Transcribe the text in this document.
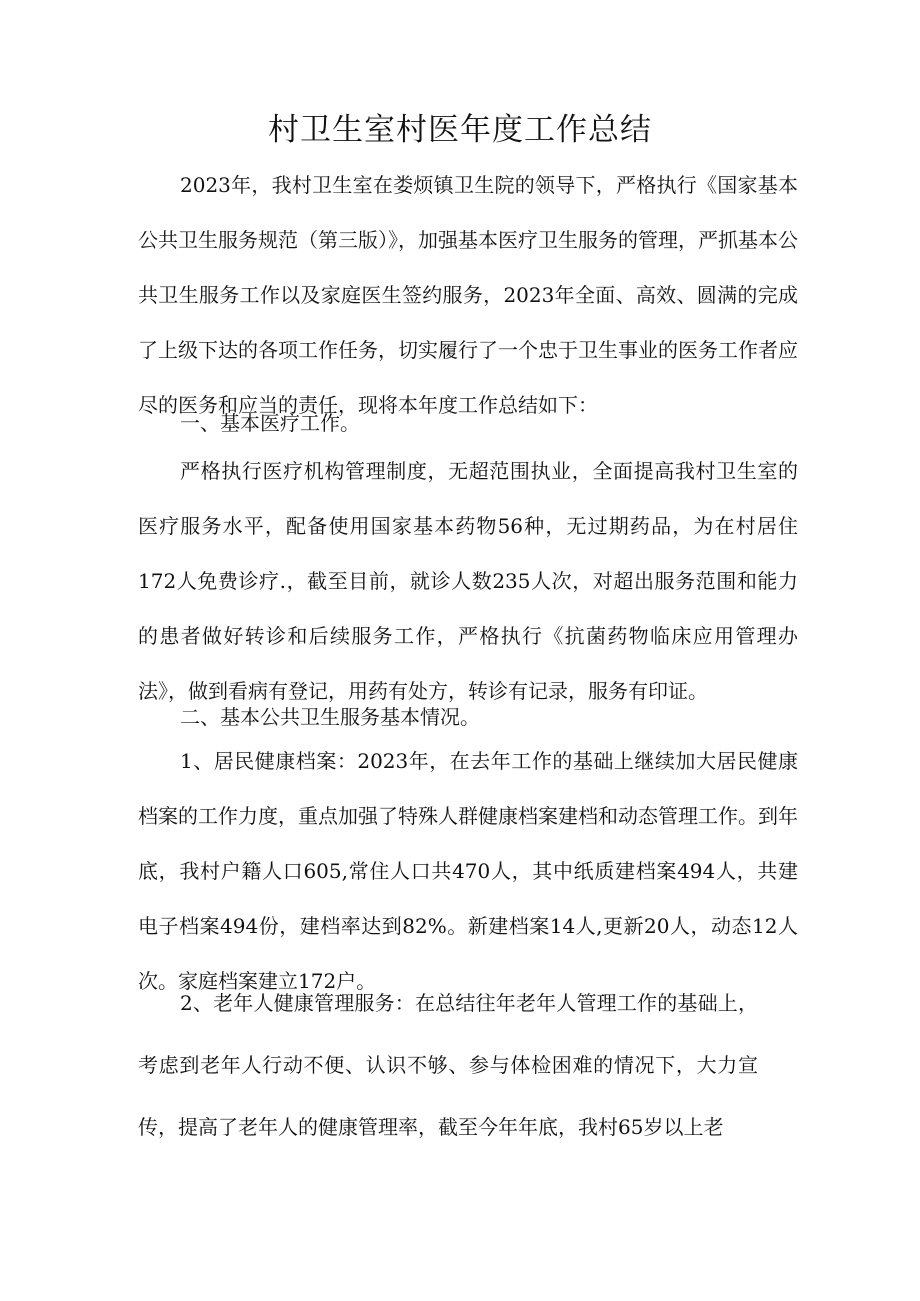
村卫生室村医年度工作总结
2023年，我村卫生室在娄烦镇卫生院的领导下，严格执行《国家基本公共卫生服务规范（第三版）》，加强基本医疗卫生服务的管理，严抓基本公共卫生服务工作以及家庭医生签约服务，2023年全面、高效、圆满的完成了上级下达的各项工作任务，切实履行了一个忠于卫生事业的医务工作者应尽的医务和应当的责任，现将本年度工作总结如下：
一、基本医疗工作。
严格执行医疗机构管理制度，无超范围执业，全面提高我村卫生室的医疗服务水平，配备使用国家基本药物56种，无过期药品，为在村居住172人免费诊疗.，截至目前，就诊人数235人次，对超出服务范围和能力的患者做好转诊和后续服务工作，严格执行《抗菌药物临床应用管理办法》，做到看病有登记，用药有处方，转诊有记录，服务有印证。
二、基本公共卫生服务基本情况。
1、居民健康档案：2023年，在去年工作的基础上继续加大居民健康档案的工作力度，重点加强了特殊人群健康档案建档和动态管理工作。到年底，我村户籍人口605,常住人口共470人，其中纸质建档案494人，共建电子档案494份，建档率达到82%。新建档案14人,更新20人，动态12人次。家庭档案建立172户。
2、老年人健康管理服务：在总结往年老年人管理工作的基础上，考虑到老年人行动不便、认识不够、参与体检困难的情况下，大力宣传，提高了老年人的健康管理率，截至今年年底，我村65岁以上老
